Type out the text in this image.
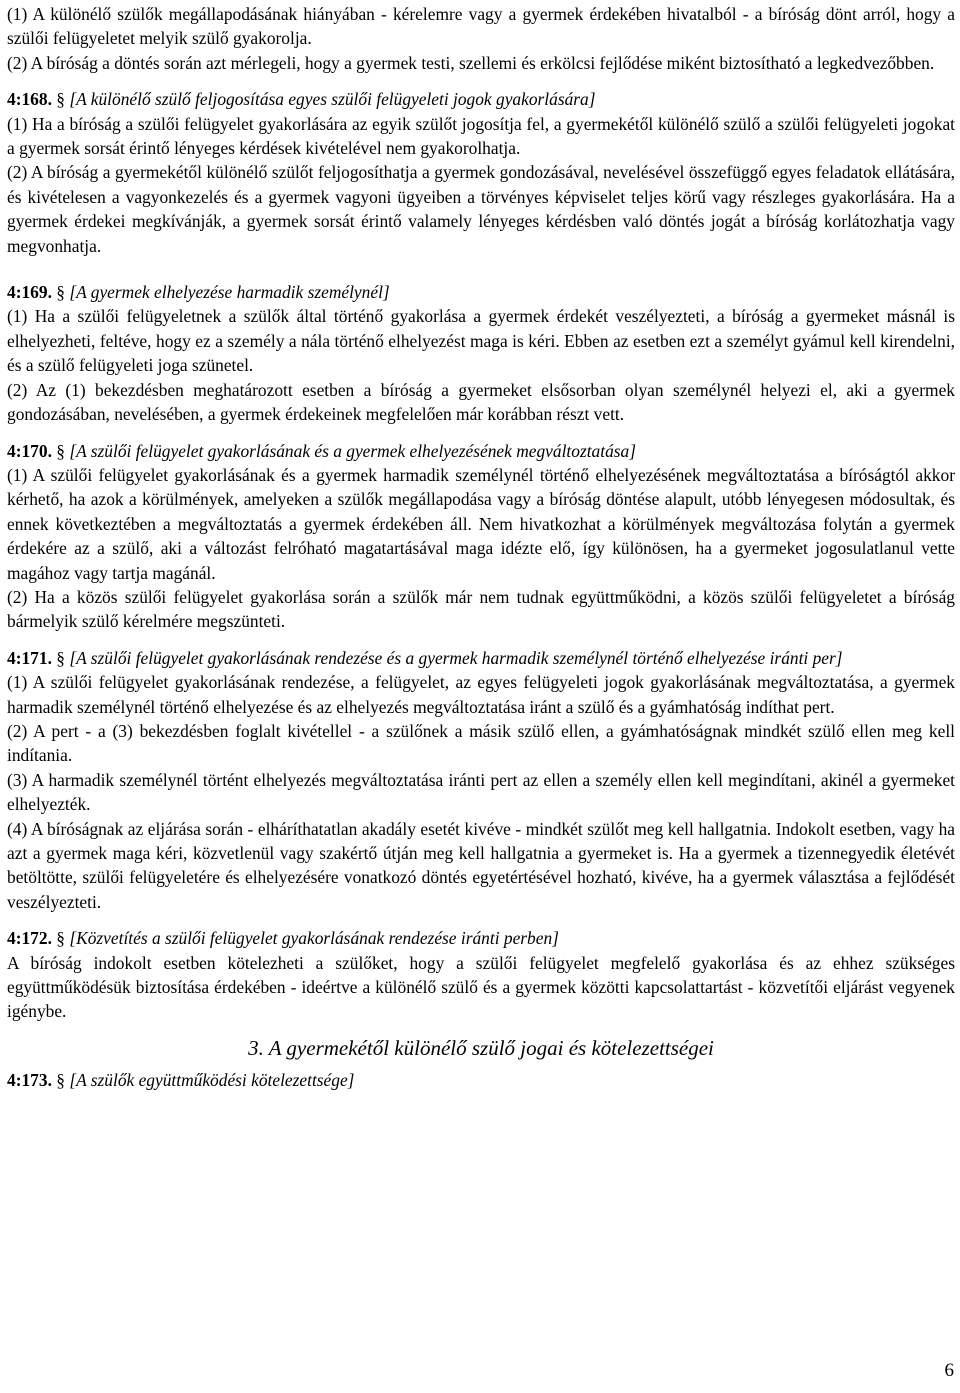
(1) A különélő szülők megállapodásának hiányában - kérelemre vagy a gyermek érdekében hivatalból - a bíróság dönt arról, hogy a szülői felügyeletet melyik szülő gyakorolja.

(2) A bíróság a döntés során azt mérlegeli, hogy a gyermek testi, szellemi és erkölcsi fejlődése miként biztosítható a legkedvezőbben.

4:168. § [A különélő szülő feljogosítása egyes szülői felügyeleti jogok gyakorlására]

(1) Ha a bíróság a szülői felügyelet gyakorlására az egyik szülőt jogosítja fel, a gyermekétől különélő szülő a szülői felügyeleti jogokat a gyermek sorsát érintő lényeges kérdések kivételével nem gyakorolhatja.

(2) A bíróság a gyermekétől különélő szülőt feljogosíthatja a gyermek gondozásával, nevelésével összefüggő egyes feladatok ellátására, és kivételesen a vagyonkezelés és a gyermek vagyoni ügyeiben a törvényes képviselet teljes körű vagy részleges gyakorlására. Ha a gyermek érdekei megkívánják, a gyermek sorsát érintő valamely lényeges kérdésben való döntés jogát a bíróság korlátozhatja vagy megvonhatja.

4:169. § [A gyermek elhelyezése harmadik személynél]

(1) Ha a szülői felügyeletnek a szülők által történő gyakorlása a gyermek érdekét veszélyezteti, a bíróság a gyermeket másnál is elhelyezheti, feltéve, hogy ez a személy a nála történő elhelyezést maga is kéri. Ebben az esetben ezt a személyt gyámul kell kirendelni, és a szülő felügyeleti joga szünetel.

(2) Az (1) bekezdésben meghatározott esetben a bíróság a gyermeket elsősorban olyan személynél helyezi el, aki a gyermek gondozásában, nevelésében, a gyermek érdekeinek megfelelően már korábban részt vett.

4:170. § [A szülői felügyelet gyakorlásának és a gyermek elhelyezésének megváltoztatása]

(1) A szülői felügyelet gyakorlásának és a gyermek harmadik személynél történő elhelyezésének megváltoztatása a bíróságtól akkor kérhető, ha azok a körülmények, amelyeken a szülők megállapodása vagy a bíróság döntése alapult, utóbb lényegesen módosultak, és ennek következtében a megváltoztatás a gyermek érdekében áll. Nem hivatkozhat a körülmények megváltozása folytán a gyermek érdekére az a szülő, aki a változást felróható magatartásával maga idézte elő, így különösen, ha a gyermeket jogosulatlanul vette magához vagy tartja magánál.

(2) Ha a közös szülői felügyelet gyakorlása során a szülők már nem tudnak együttműködni, a közös szülői felügyeletet a bíróság bármelyik szülő kérelmére megszünteti.

4:171. § [A szülői felügyelet gyakorlásának rendezése és a gyermek harmadik személynél történő elhelyezése iránti per]

(1) A szülői felügyelet gyakorlásának rendezése, a felügyelet, az egyes felügyeleti jogok gyakorlásának megváltoztatása, a gyermek harmadik személynél történő elhelyezése és az elhelyezés megváltoztatása iránt a szülő és a gyámhatóság indíthat pert.

(2) A pert - a (3) bekezdésben foglalt kivétellel - a szülőnek a másik szülő ellen, a gyámhatóságnak mindkét szülő ellen meg kell indítania.

(3) A harmadik személynél történt elhelyezés megváltoztatása iránti pert az ellen a személy ellen kell megindítani, akinél a gyermeket elhelyezték.

(4) A bíróságnak az eljárása során - elháríthatatlan akadály esetét kivéve - mindkét szülőt meg kell hallgatnia. Indokolt esetben, vagy ha azt a gyermek maga kéri, közvetlenül vagy szakértő útján meg kell hallgatnia a gyermeket is. Ha a gyermek a tizennegyedik életévét betöltötte, szülői felügyeletére és elhelyezésére vonatkozó döntés egyetértésével hozható, kivéve, ha a gyermek választása a fejlődését veszélyezteti.

4:172. § [Közvetítés a szülői felügyelet gyakorlásának rendezése iránti perben]

A bíróság indokolt esetben kötelezheti a szülőket, hogy a szülői felügyelet megfelelő gyakorlása és az ehhez szükséges együttműködésük biztosítása érdekében - ideértve a különélő szülő és a gyermek közötti kapcsolattartást - közvetítői eljárást vegyenek igénybe.

3. A gyermekétől különélő szülő jogai és kötelezettségei

4:173. § [A szülők együttműködési kötelezettsége]

6
